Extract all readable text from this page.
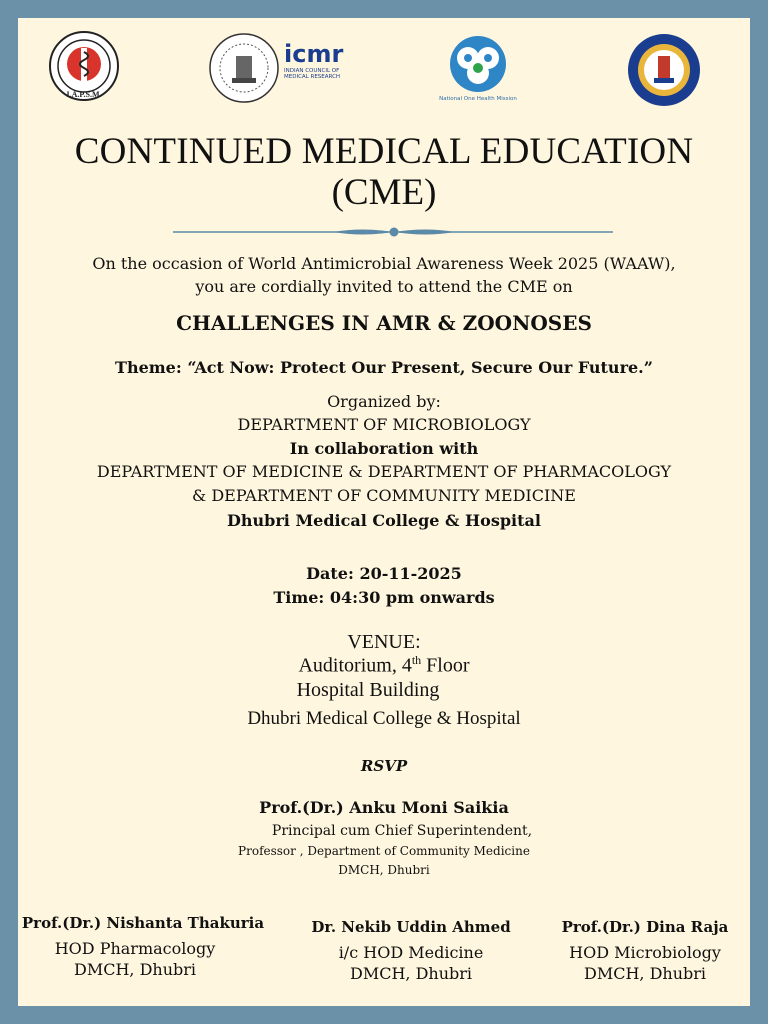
I.A.P.S.M.
icmr
INDIAN COUNCIL OF
MEDICAL RESEARCH
National One Health Mission
CONTINUED MEDICAL EDUCATION
(CME)
On the occasion of World Antimicrobial Awareness Week 2025 (WAAW),
you are cordially invited to attend the CME on
CHALLENGES IN AMR & ZOONOSES
Theme: “Act Now: Protect Our Present, Secure Our Future.”
Organized by:
DEPARTMENT OF MICROBIOLOGY
In collaboration with
DEPARTMENT OF MEDICINE & DEPARTMENT OF PHARMACOLOGY
& DEPARTMENT OF COMMUNITY MEDICINE
Dhubri Medical College & Hospital
Date: 20-11-2025
Time: 04:30 pm onwards
VENUE:
Auditorium, 4th Floor
Hospital Building
Dhubri Medical College & Hospital
RSVP
Prof.(Dr.) Anku Moni Saikia
Principal cum Chief Superintendent,
Professor , Department of Community Medicine
DMCH, Dhubri
Prof.(Dr.) Nishanta Thakuria
HOD Pharmacology
DMCH, Dhubri
Dr. Nekib Uddin Ahmed
i/c HOD Medicine
DMCH, Dhubri
Prof.(Dr.) Dina Raja
HOD Microbiology
DMCH, Dhubri
